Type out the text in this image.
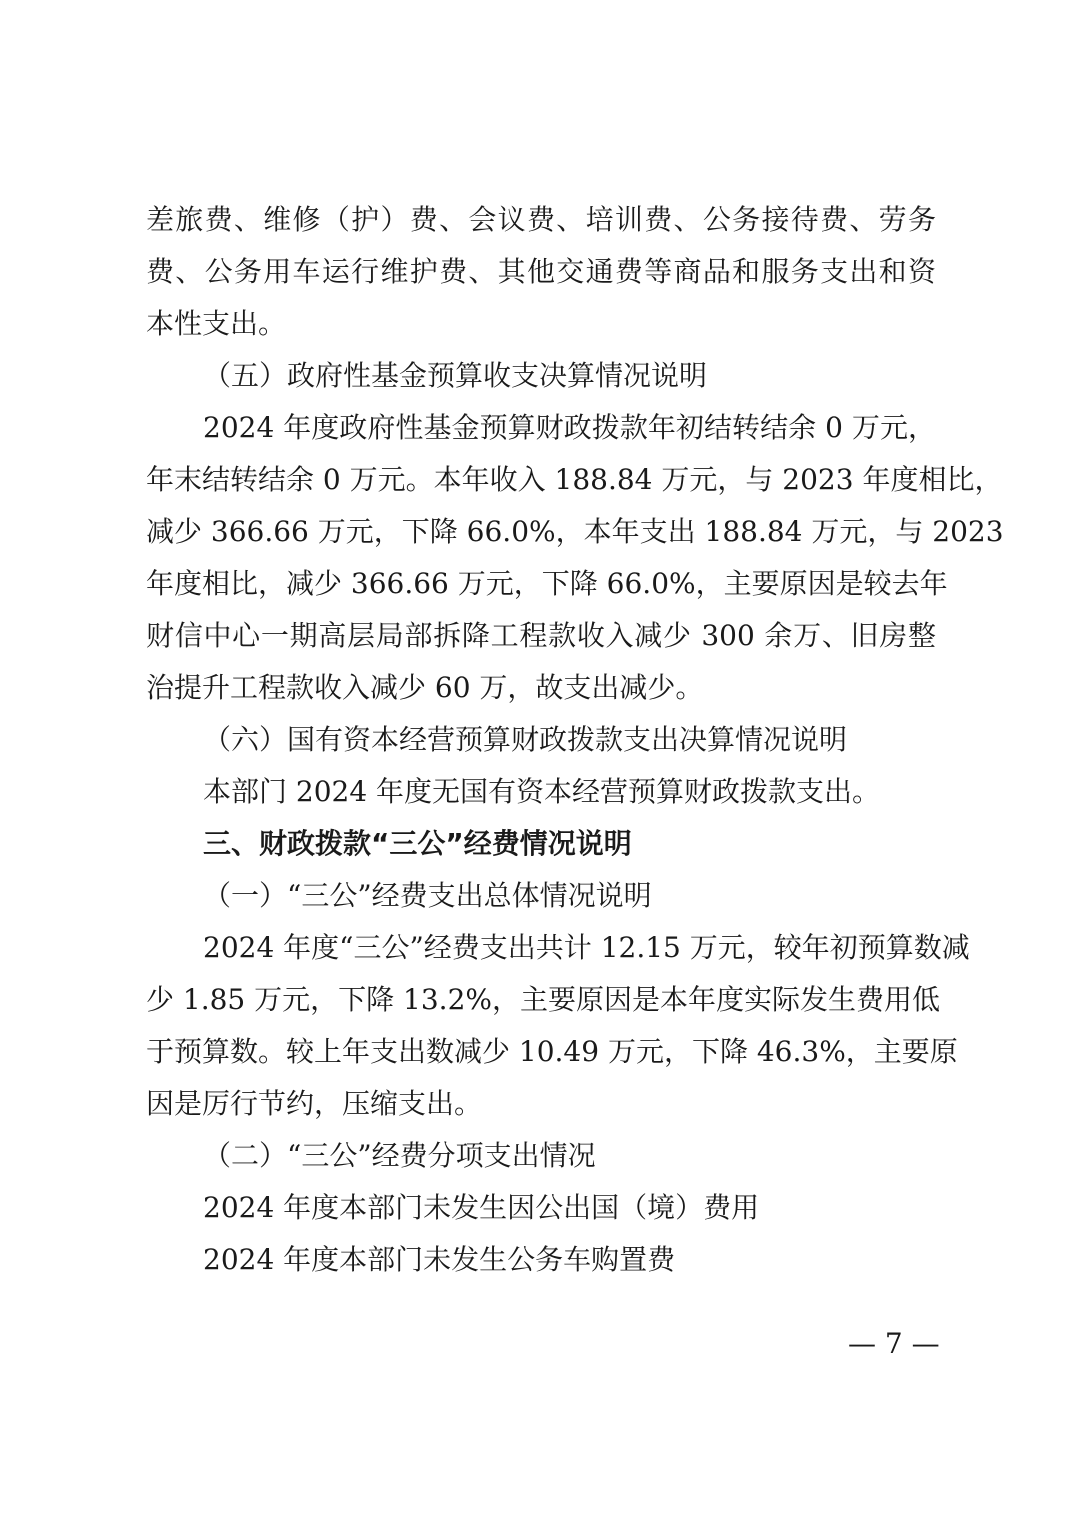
差旅费、维修（护）费、会议费、培训费、公务接待费、劳务
费、公务用车运行维护费、其他交通费等商品和服务支出和资
本性支出。
（五）政府性基金预算收支决算情况说明
2024 年度政府性基金预算财政拨款年初结转结余 0 万元，
年末结转结余 0 万元。本年收入 188.84 万元，与 2023 年度相比，
减少 366.66 万元，下降 66.0%，本年支出 188.84 万元，与 2023
年度相比，减少 366.66 万元，下降 66.0%，主要原因是较去年
财信中心一期高层局部拆降工程款收入减少 300 余万、旧房整
治提升工程款收入减少 60 万，故支出减少。
（六）国有资本经营预算财政拨款支出决算情况说明
本部门 2024 年度无国有资本经营预算财政拨款支出。
三、财政拨款“三公”经费情况说明
（一）“三公”经费支出总体情况说明
2024 年度“三公”经费支出共计 12.15 万元，较年初预算数减
少 1.85 万元，下降 13.2%，主要原因是本年度实际发生费用低
于预算数。较上年支出数减少 10.49 万元，下降 46.3%，主要原
因是厉行节约，压缩支出。
（二）“三公”经费分项支出情况
2024 年度本部门未发生因公出国（境）费用
2024 年度本部门未发生公务车购置费
— 7 —
